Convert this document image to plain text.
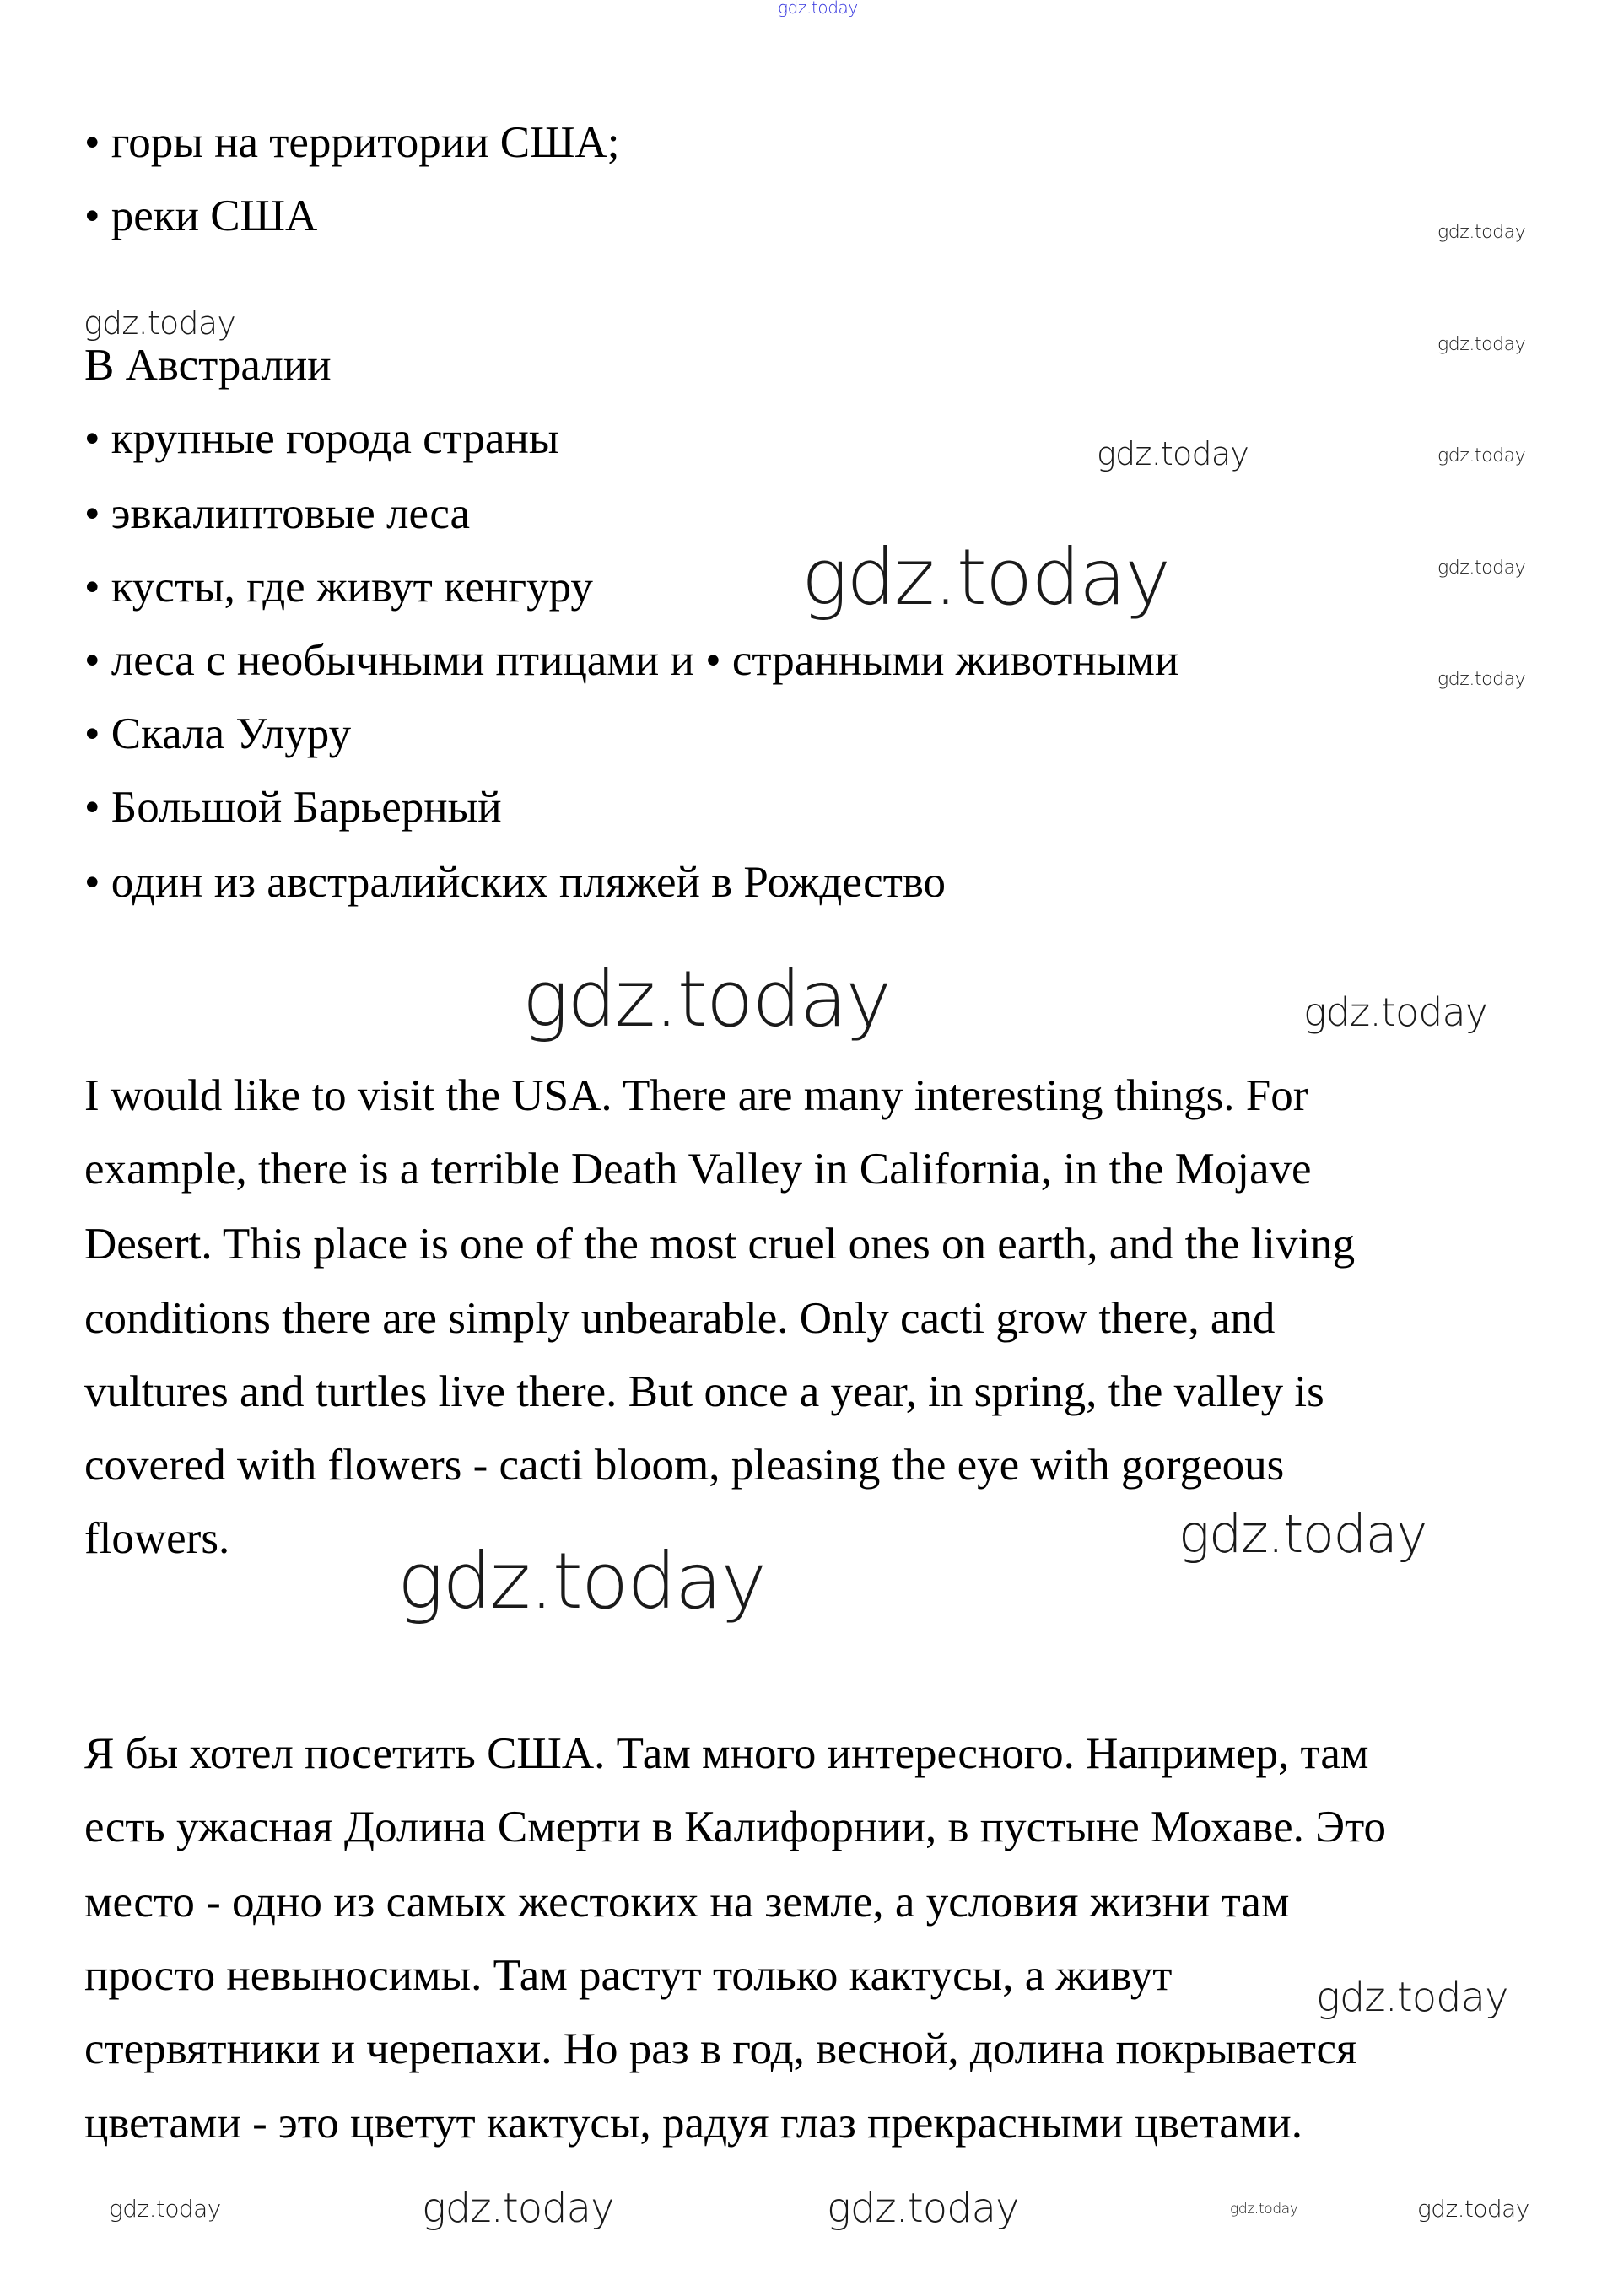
• горы на территории США;
• реки США
В Австралии
• крупные города страны
• эвкалиптовые леса
• кусты, где живут кенгуру
• леса с необычными птицами и • странными животными
• Скала Улуру
• Большой Барьерный
• один из австралийских пляжей в Рождество
I would like to visit the USA. There are many interesting things. For
example, there is a terrible Death Valley in California, in the Mojave
Desert. This place is one of the most cruel ones on earth, and the living
conditions there are simply unbearable. Only cacti grow there, and
vultures and turtles live there. But once a year, in spring, the valley is
covered with flowers - cacti bloom, pleasing the eye with gorgeous
flowers.
Я бы хотел посетить США. Там много интересного. Например, там
есть ужасная Долина Смерти в Калифорнии, в пустыне Мохаве. Это
место - одно из самых жестоких на земле, а условия жизни там
просто невыносимы. Там растут только кактусы, а живут
стервятники и черепахи. Но раз в год, весной, долина покрывается
цветами - это цветут кактусы, радуя глаз прекрасными цветами.
gdz.today
gdz.today
gdz.today
gdz.today
gdz.today
gdz.today
gdz.today
gdz.today
gdz.today
gdz.today	gdz.today
gdz.today
gdz.today
gdz.today
gdz.today	gdz.today	gdz.today	gdz.today	gdz.today
